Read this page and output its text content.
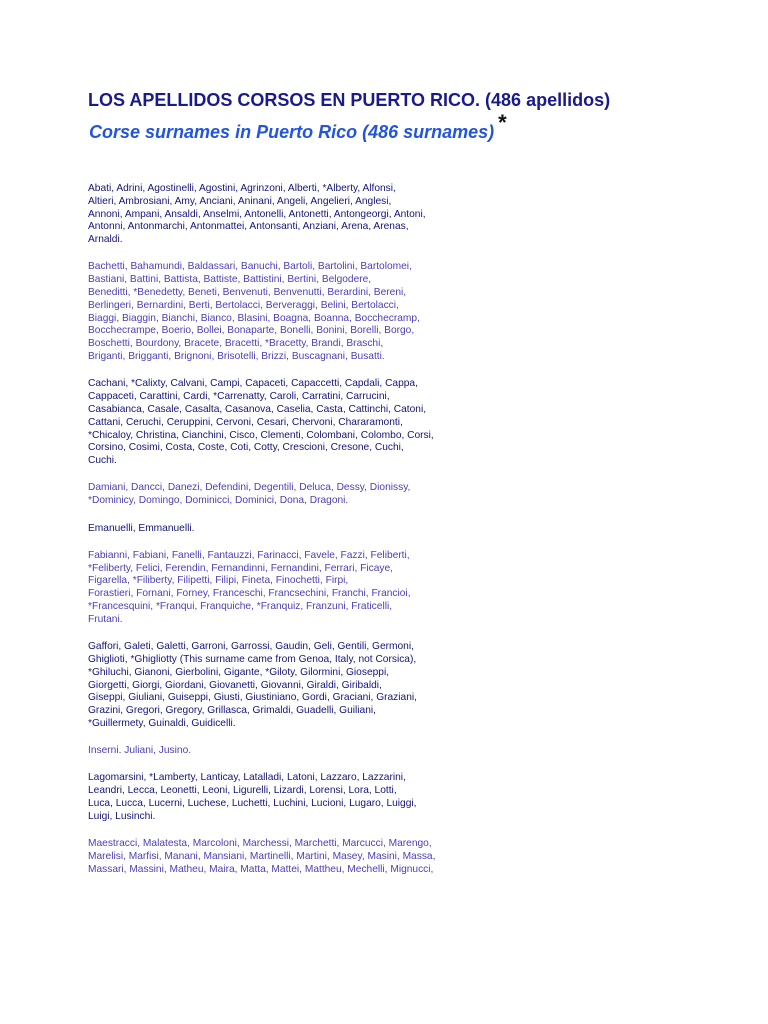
LOS APELLIDOS CORSOS EN PUERTO RICO. (486 apellidos)
Corse surnames in Puerto Rico (486 surnames) *

Abati, Adrini, Agostinelli, Agostini, Agrinzoni, Alberti, *Alberty, Alfonsi,
Altieri, Ambrosiani, Amy, Anciani, Aninani, Angeli, Angelieri, Anglesi,
Annoni, Ampani, Ansaldi, Anselmi, Antonelli, Antonetti, Antongeorgi, Antoni,
Antonni, Antonmarchi, Antonmattei, Antonsanti, Anziani, Arena, Arenas,
Arnaldi.

Bachetti, Bahamundi, Baldassari, Banuchi, Bartoli, Bartolini, Bartolomei,
Bastiani, Battini, Battista, Battiste, Battistini, Bertini, Belgodere,
Beneditti, *Benedetty, Beneti, Benvenuti, Benvenutti, Berardini, Bereni,
Berlingeri, Bernardini, Berti, Bertolacci, Berveraggi, Belini, Bertolacci,
Biaggi, Biaggin, Bianchi, Bianco, Blasini, Boagna, Boanna, Bocchecramp,
Bocchecrampe, Boerio, Bollei, Bonaparte, Bonelli, Bonini, Borelli, Borgo,
Boschetti, Bourdony, Bracete, Bracetti, *Bracetty, Brandi, Braschi,
Briganti, Brigganti, Brignoni, Brisotelli, Brizzi, Buscagnani, Busatti.

Cachani, *Calixty, Calvani, Campi, Capaceti, Capaccetti, Capdali, Cappa,
Cappaceti, Carattini, Cardi, *Carrenatty, Caroli, Carratini, Carrucini,
Casabianca, Casale, Casalta, Casanova, Caselia, Casta, Cattinchi, Catoni,
Cattani, Ceruchi, Ceruppini, Cervoni, Cesari, Chervoni, Chararamonti,
*Chicaloy, Christina, Cianchini, Cisco, Clementi, Colombani, Colombo, Corsi,
Corsino, Cosimi, Costa, Coste, Coti, Cotty, Crescioni, Cresone, Cuchi,
Cuchi.

Damiani, Dancci, Danezi, Defendini, Degentili, Deluca, Dessy, Dionissy,
*Dominicy, Domingo, Dominicci, Dominici, Dona, Dragoni.

Emanuelli, Emmanuelli.

Fabianni, Fabiani, Fanelli, Fantauzzi, Farinacci, Favele, Fazzi, Feliberti,
*Feliberty, Felici, Ferendin, Fernandinni, Fernandini, Ferrari, Ficaye,
Figarella, *Filiberty, Filipetti, Filipi, Fineta, Finochetti, Firpi,
Forastieri, Fornani, Forney, Franceschi, Francsechini, Franchi, Francioi,
*Francesquini, *Franqui, Franquiche, *Franquiz, Franzuni, Fraticelli,
Frutani.

Gaffori, Galeti, Galetti, Garroni, Garrossi, Gaudin, Geli, Gentili, Germoni,
Ghiglioti, *Ghigliotty (This surname came from Genoa, Italy, not Corsica),
*Ghiluchi, Gianoni, Gierbolini, Gigante, *Giloty, Gilormini, Gioseppi,
Giorgetti, Giorgi, Giordani, Giovanetti, Giovanni, Giraldi, Giribaldi,
Giseppi, Giuliani, Guiseppi, Giusti, Giustiniano, Gordi, Graciani, Graziani,
Grazini, Gregori, Gregory, Grillasca, Grimaldi, Guadelli, Guiliani,
*Guillermety, Guinaldi, Guidicelli.

Inserni. Juliani, Jusino.

Lagomarsini, *Lamberty, Lanticay, Latalladi, Latoni, Lazzaro, Lazzarini,
Leandri, Lecca, Leonetti, Leoni, Ligurelli, Lizardi, Lorensi, Lora, Lotti,
Luca, Lucca, Lucerni, Luchese, Luchetti, Luchini, Lucioni, Lugaro, Luiggi,
Luigi, Lusinchi.

Maestracci, Malatesta, Marcoloni, Marchessi, Marchetti, Marcucci, Marengo,
Marelisi, Marfisi, Manani, Mansiani, Martinelli, Martini, Masey, Masini, Massa,
Massari, Massini, Matheu, Maira, Matta, Mattei, Mattheu, Mechelli, Mignucci,
